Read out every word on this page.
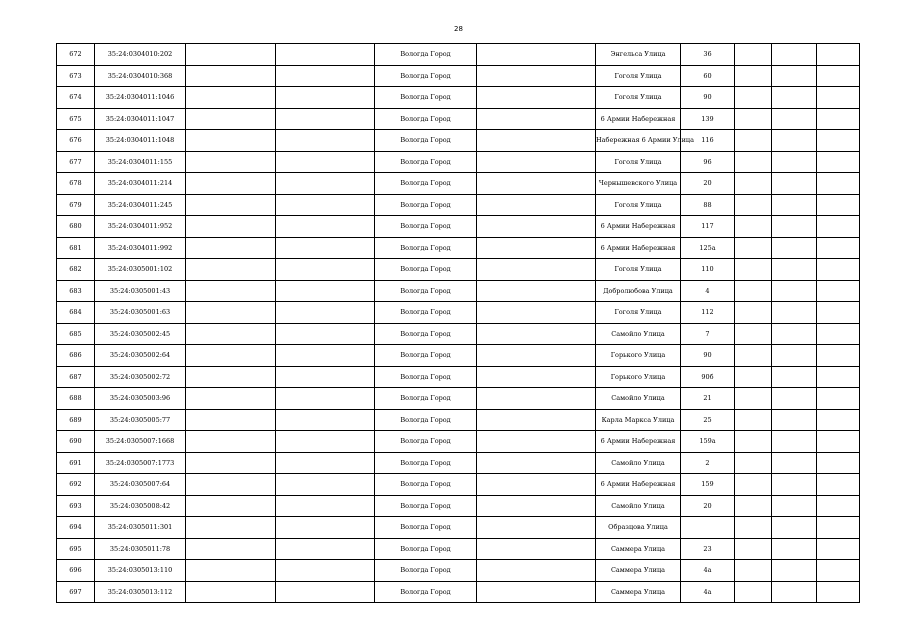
28
672	35:24:0304010:202			Вологда Город		Энгельса Улица	36			
673	35:24:0304010:368			Вологда Город		Гоголя Улица	60			
674	35:24:0304011:1046			Вологда Город		Гоголя Улица	90			
675	35:24:0304011:1047			Вологда Город		6 Армии Набережная	139			
676	35:24:0304011:1048			Вологда Город		Набережная 6 Армии Улица	116			
677	35:24:0304011:155			Вологда Город		Гоголя Улица	96			
678	35:24:0304011:214			Вологда Город		Чернышевского Улица	20			
679	35:24:0304011:245			Вологда Город		Гоголя Улица	88			
680	35:24:0304011:952			Вологда Город		6 Армии Набережная	117			
681	35:24:0304011:992			Вологда Город		6 Армии Набережная	125а			
682	35:24:0305001:102			Вологда Город		Гоголя Улица	110			
683	35:24:0305001:43			Вологда Город		Добролюбова Улица	4			
684	35:24:0305001:63			Вологда Город		Гоголя Улица	112			
685	35:24:0305002:45			Вологда Город		Самойло Улица	7			
686	35:24:0305002:64			Вологда Город		Горького Улица	90			
687	35:24:0305002:72			Вологда Город		Горького Улица	90б			
688	35:24:0305003:96			Вологда Город		Самойло Улица	21			
689	35:24:0305005:77			Вологда Город		Карла Маркса Улица	25			
690	35:24:0305007:1668			Вологда Город		6 Армии Набережная	159а			
691	35:24:0305007:1773			Вологда Город		Самойло Улица	2			
692	35:24:0305007:64			Вологда Город		6 Армии Набережная	159			
693	35:24:0305008:42			Вологда Город		Самойло Улица	20			
694	35:24:0305011:301			Вологда Город		Образцова Улица				
695	35:24:0305011:78			Вологда Город		Саммера Улица	23			
696	35:24:0305013:110			Вологда Город		Саммера Улица	4а			
697	35:24:0305013:112			Вологда Город		Саммера Улица	4а			
